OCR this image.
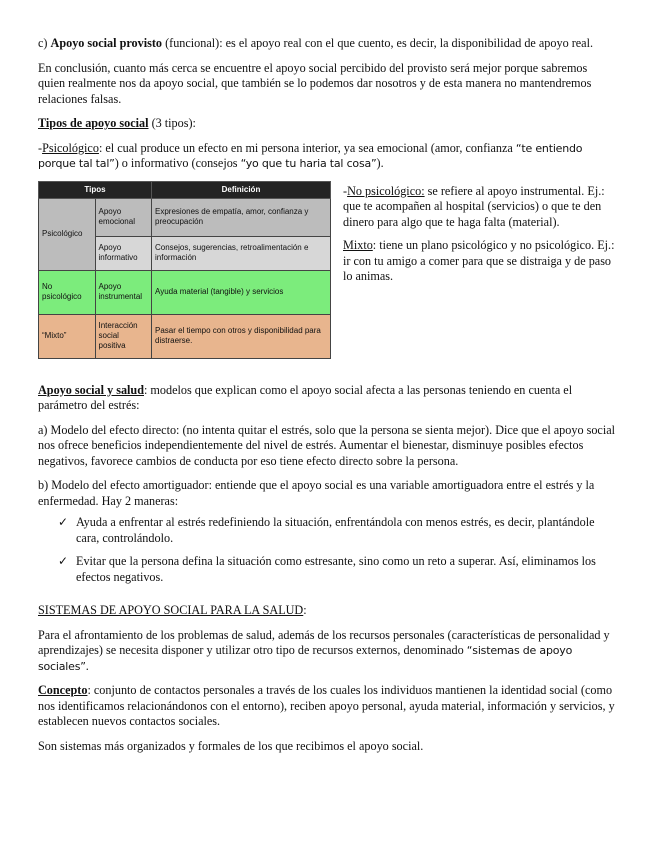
c) Apoyo social provisto (funcional): es el apoyo real con el que cuento, es decir, la disponibilidad de apoyo real.

En conclusión, cuanto más cerca se encuentre el apoyo social percibido del provisto será mejor porque sabremos quien realmente nos da apoyo social, que también se lo podemos dar nosotros y de esta manera no mantendremos relaciones falsas.

Tipos de apoyo social (3 tipos):

-Psicológico: el cual produce un efecto en mi persona interior, ya sea emocional (amor, confianza “te entiendo porque tal tal”) o informativo (consejos “yo que tu haria tal cosa”).

Tipos		Definición
Psicológico	Apoyo emocional	Expresiones de empatía, amor, confianza y preocupación
	Apoyo informativo	Consejos, sugerencias, retroalimentación e información
No psicológico	Apoyo instrumental	Ayuda material (tangible) y servicios
“Mixto”	Interacción social positiva	Pasar el tiempo con otros y disponibilidad para distraerse.

-No psicológico: se refiere al apoyo instrumental. Ej.: que te acompañen al hospital (servicios) o que te den dinero para algo que te haga falta (material).

Mixto: tiene un plano psicológico y no psicológico. Ej.: ir con tu amigo a comer para que se distraiga y de paso lo animas.

Apoyo social y salud: modelos que explican como el apoyo social afecta a las personas teniendo en cuenta el parámetro del estrés:

a) Modelo del efecto directo: (no intenta quitar el estrés, solo que la persona se sienta mejor). Dice que el apoyo social nos ofrece beneficios independientemente del nivel de estrés. Aumentar el bienestar, disminuye posibles efectos negativos, favorece cambios de conducta por eso tiene efecto directo sobre la persona.

b) Modelo del efecto amortiguador: entiende que el apoyo social es una variable amortiguadora entre el estrés y la enfermedad. Hay 2 maneras:

✓ Ayuda a enfrentar al estrés redefiniendo la situación, enfrentándola con menos estrés, es decir, plantándole cara, controlándolo.
✓ Evitar que la persona defina la situación como estresante, sino como un reto a superar. Así, eliminamos los efectos negativos.

SISTEMAS DE APOYO SOCIAL PARA LA SALUD:

Para el afrontamiento de los problemas de salud, además de los recursos personales (características de personalidad y aprendizajes) se necesita disponer y utilizar otro tipo de recursos externos, denominado “sistemas de apoyo sociales”.

Concepto: conjunto de contactos personales a través de los cuales los individuos mantienen la identidad social (como nos identificamos relacionándonos con el entorno), reciben apoyo personal, ayuda material, información y servicios, y establecen nuevos contactos sociales.

Son sistemas más organizados y formales de los que recibimos el apoyo social.
